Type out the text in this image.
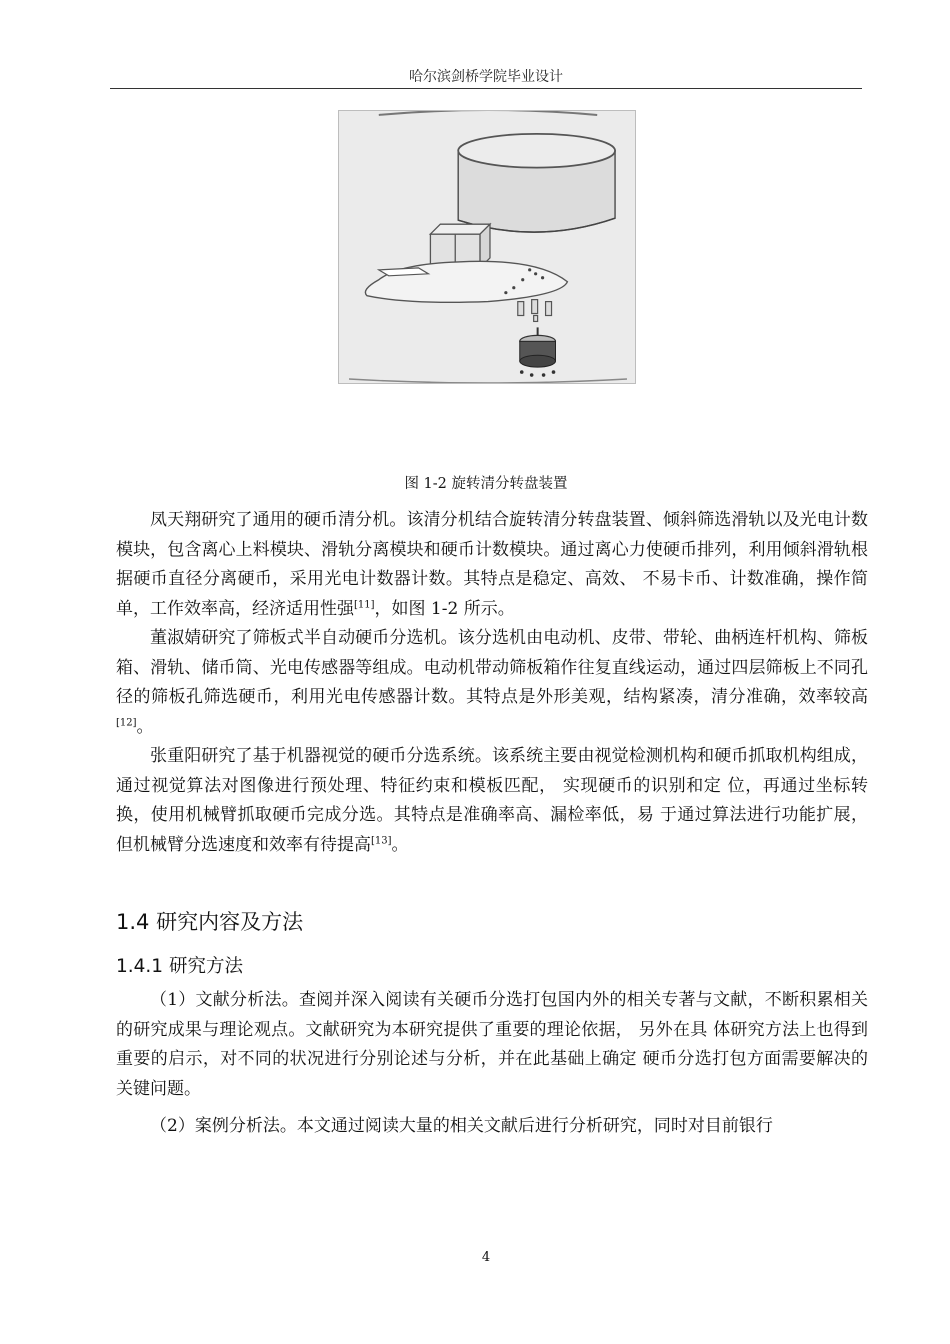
哈尔滨剑桥学院毕业设计
图 1-2 旋转清分转盘装置

凤天翔研究了通用的硬币清分机。该清分机结合旋转清分转盘装置、倾斜筛选滑轨以及光电计数模块，包含离心上料模块、滑轨分离模块和硬币计数模块。通过离心力使硬币排列，利用倾斜滑轨根据硬币直径分离硬币，采用光电计数器计数。其特点是稳定、高效、 不易卡币、计数准确，操作简单，工作效率高，经济适用性强[11]，如图 1-2 所示。

董淑婧研究了筛板式半自动硬币分选机。该分选机由电动机、皮带、带轮、曲柄连杆机构、筛板箱、滑轨、储币筒、光电传感器等组成。电动机带动筛板箱作往复直线运动，通过四层筛板上不同孔径的筛板孔筛选硬币，利用光电传感器计数。其特点是外形美观，结构紧凑，清分准确，效率较高[12]。

张重阳研究了基于机器视觉的硬币分选系统。该系统主要由视觉检测机构和硬币抓取机构组成，通过视觉算法对图像进行预处理、特征约束和模板匹配， 实现硬币的识别和定 位，再通过坐标转换，使用机械臂抓取硬币完成分选。其特点是准确率高、漏检率低，易 于通过算法进行功能扩展，但机械臂分选速度和效率有待提高[13]。

1.4 研究内容及方法
1.4.1 研究方法

（1）文献分析法。查阅并深入阅读有关硬币分选打包国内外的相关专著与文献，不断积累相关的研究成果与理论观点。文献研究为本研究提供了重要的理论依据， 另外在具 体研究方法上也得到重要的启示，对不同的状况进行分别论述与分析，并在此基础上确定 硬币分选打包方面需要解决的关键问题。

（2）案例分析法。本文通过阅读大量的相关文献后进行分析研究，同时对目前银行

4
